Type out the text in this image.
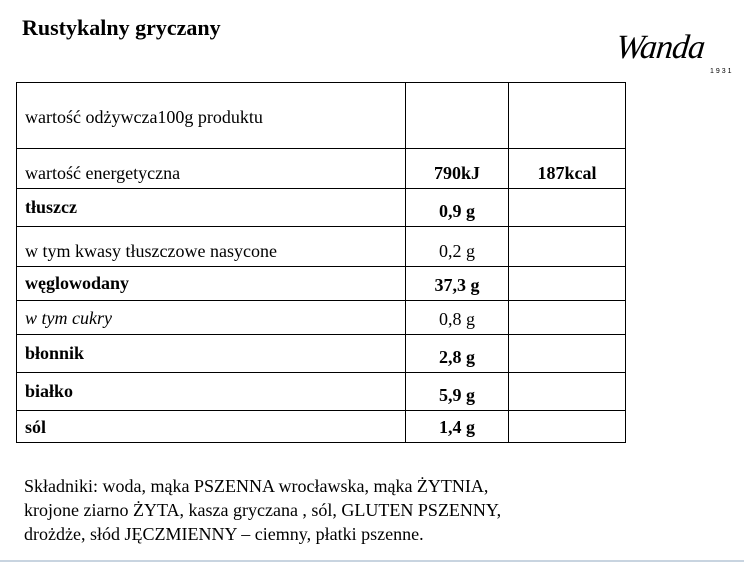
Rustykalny gryczany
Wanda
1931
wartość odżywcza100g produktu		

wartość energetyczna	790kJ	187kcal

tłuszcz	0,9 g	

w tym kwasy tłuszczowe nasycone	0,2 g	

węglowodany	37,3 g	

w tym cukry	0,8 g	

błonnik	2,8 g	

białko	5,9 g	

sól	1,4 g	

Składniki: woda, mąka PSZENNA wrocławska, mąka ŻYTNIA,
krojone ziarno ŻYTA, kasza gryczana , sól, GLUTEN PSZENNY,
drożdże, słód JĘCZMIENNY – ciemny, płatki pszenne.
